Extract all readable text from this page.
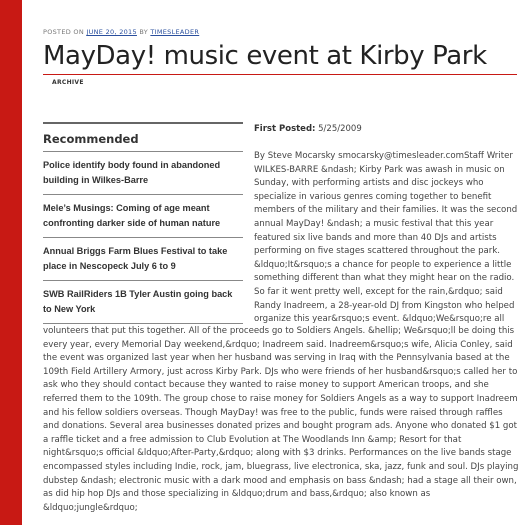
POSTED ON JUNE 20, 2015 BY TIMESLEADER
MayDay! music event at Kirby Park
ARCHIVE
Recommended
Police identify body found in abandoned building in Wilkes-Barre
Mele’s Musings: Coming of age meant confronting darker side of human nature
Annual Briggs Farm Blues Festival to take place in Nescopeck July 6 to 9
SWB RailRiders 1B Tyler Austin going back to New York
First Posted: 5/25/2009
By Steve Mocarsky smocarsky@timesleader.comStaff Writer WILKES-BARRE &ndash; Kirby Park was awash in music on Sunday, with performing artists and disc jockeys who specialize in various genres coming together to benefit members of the military and their families. It was the second annual MayDay! &ndash; a music festival that this year featured six live bands and more than 40 DJs and artists performing on five stages scattered throughout the park. &ldquo;It&rsquo;s a chance for people to experience a little something different than what they might hear on the radio. So far it went pretty well, except for the rain,&rdquo; said Randy Inadreem, a 28-year-old DJ from Kingston who helped organize this year&rsquo;s event. &ldquo;We&rsquo;re all
volunteers that put this together. All of the proceeds go to Soldiers Angels. &hellip; We&rsquo;ll be doing this every year, every Memorial Day weekend,&rdquo; Inadreem said. Inadreem&rsquo;s wife, Alicia Conley, said the event was organized last year when her husband was serving in Iraq with the Pennsylvania based at the 109th Field Artillery Armory, just across Kirby Park. DJs who were friends of her husband&rsquo;s called her to ask who they should contact because they wanted to raise money to support American troops, and she referred them to the 109th. The group chose to raise money for Soldiers Angels as a way to support Inadreem and his fellow soldiers overseas. Though MayDay! was free to the public, funds were raised through raffles and donations. Several area businesses donated prizes and bought program ads. Anyone who donated $1 got a raffle ticket and a free admission to Club Evolution at The Woodlands Inn &amp; Resort for that night&rsquo;s official &ldquo;After-Party,&rdquo; along with $3 drinks. Performances on the live bands stage encompassed styles including Indie, rock, jam, bluegrass, live electronica, ska, jazz, funk and soul. DJs playing dubstep &ndash; electronic music with a dark mood and emphasis on bass &ndash; had a stage all their own, as did hip hop DJs and those specializing in &ldquo;drum and bass,&rdquo; also known as &ldquo;jungle&rdquo;
